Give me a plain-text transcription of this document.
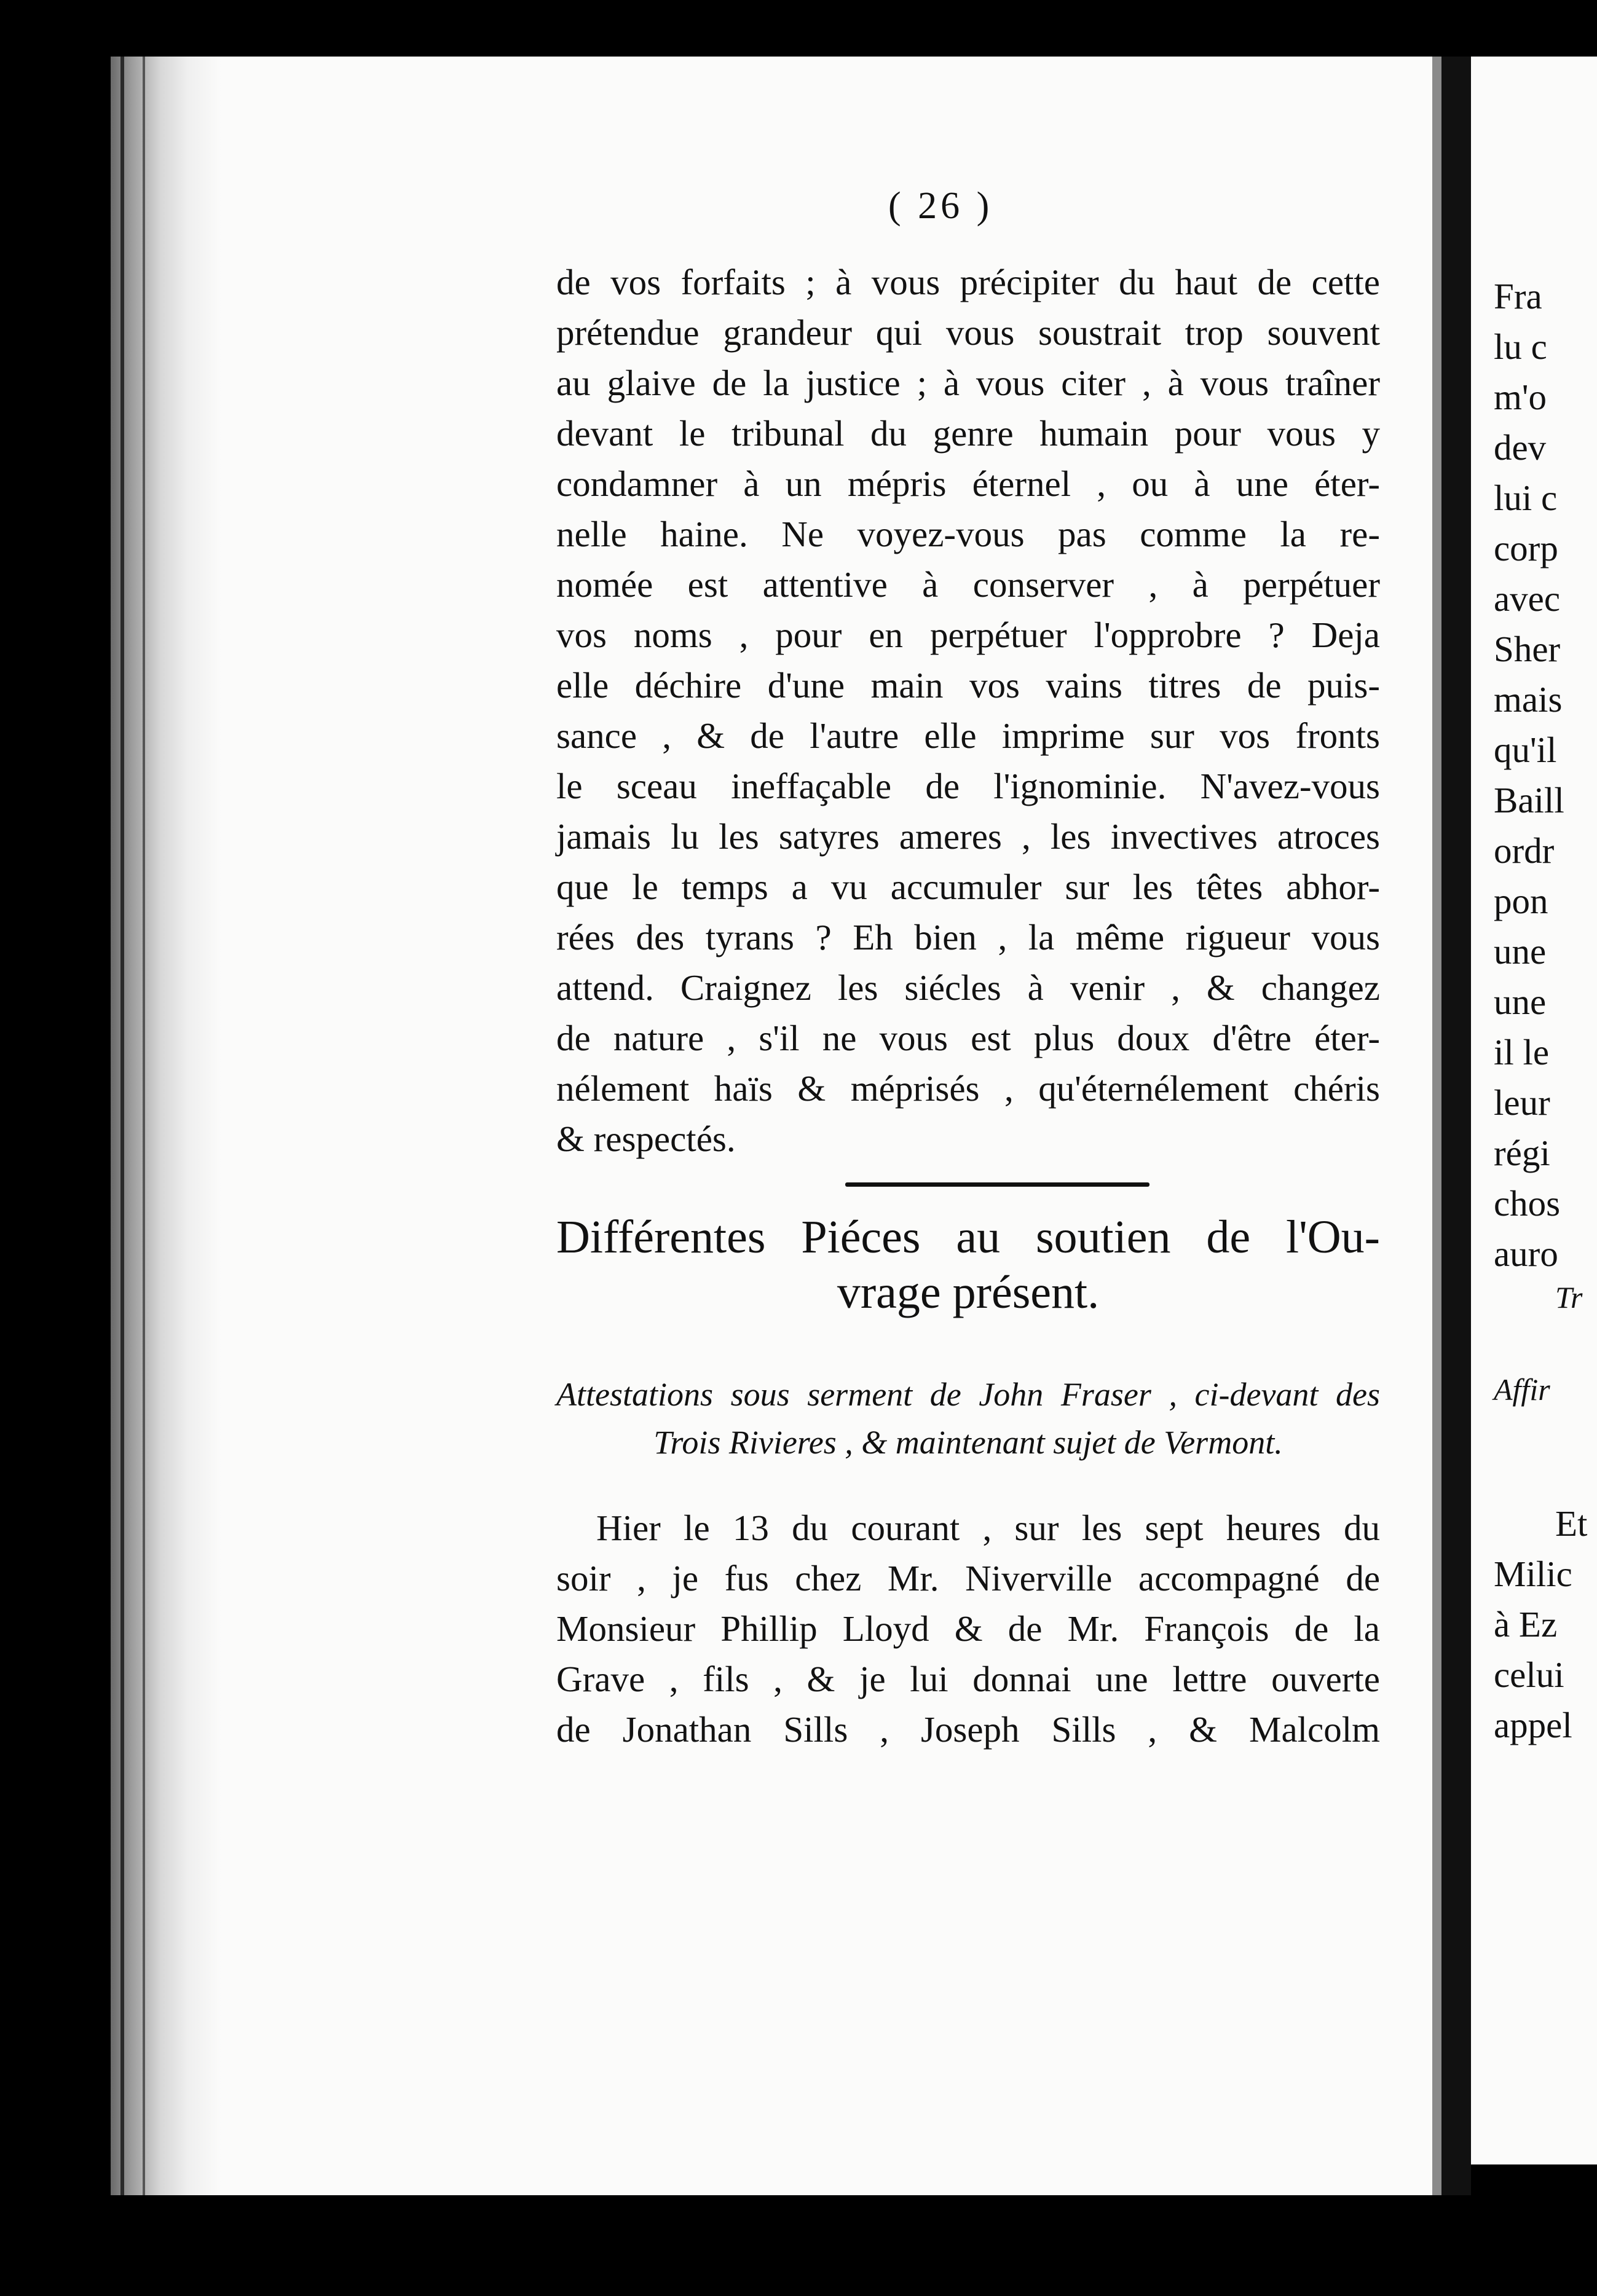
( 26 )
de vos forfaits ; à vous précipiter du haut de cette
prétendue grandeur qui vous soustrait trop souvent
au glaive de la justice ; à vous citer , à vous traîner
devant le tribunal du genre humain pour vous y
condamner à un mépris éternel , ou à une éter-
nelle haine. Ne voyez-vous pas comme la re-
nomée est attentive à conserver , à perpétuer
vos noms , pour en perpétuer l'opprobre ? Deja
elle déchire d'une main vos vains titres de puis-
sance , & de l'autre elle imprime sur vos fronts
le sceau ineffaçable de l'ignominie. N'avez-vous
jamais lu les satyres ameres , les invectives atroces
que le temps a vu accumuler sur les têtes abhor-
rées des tyrans ? Eh bien , la même rigueur vous
attend. Craignez les siécles à venir , & changez
de nature , s'il ne vous est plus doux d'être éter-
nélement haïs & méprisés , qu'éternélement chéris
& respectés.
Différentes Piéces au soutien de l'Ou-
vrage présent.
Attestations sous serment de John Fraser , ci-devant des
Trois Rivieres , & maintenant sujet de Vermont.
Hier le 13 du courant , sur les sept heures du
soir , je fus chez Mr. Niverville accompagné de
Monsieur Phillip Lloyd & de Mr. François de la
Grave , fils , & je lui donnai une lettre ouverte
de Jonathan Sills , Joseph Sills , & Malcolm
Fra
lu c
m'o
dev
lui c
corp
avec
Sher
mais
qu'il
Baill
ordr
pon
une
une
il le
leur
régi
chos
auro
Tr
Affir
Et
Milic
à Ez
celui
appel
